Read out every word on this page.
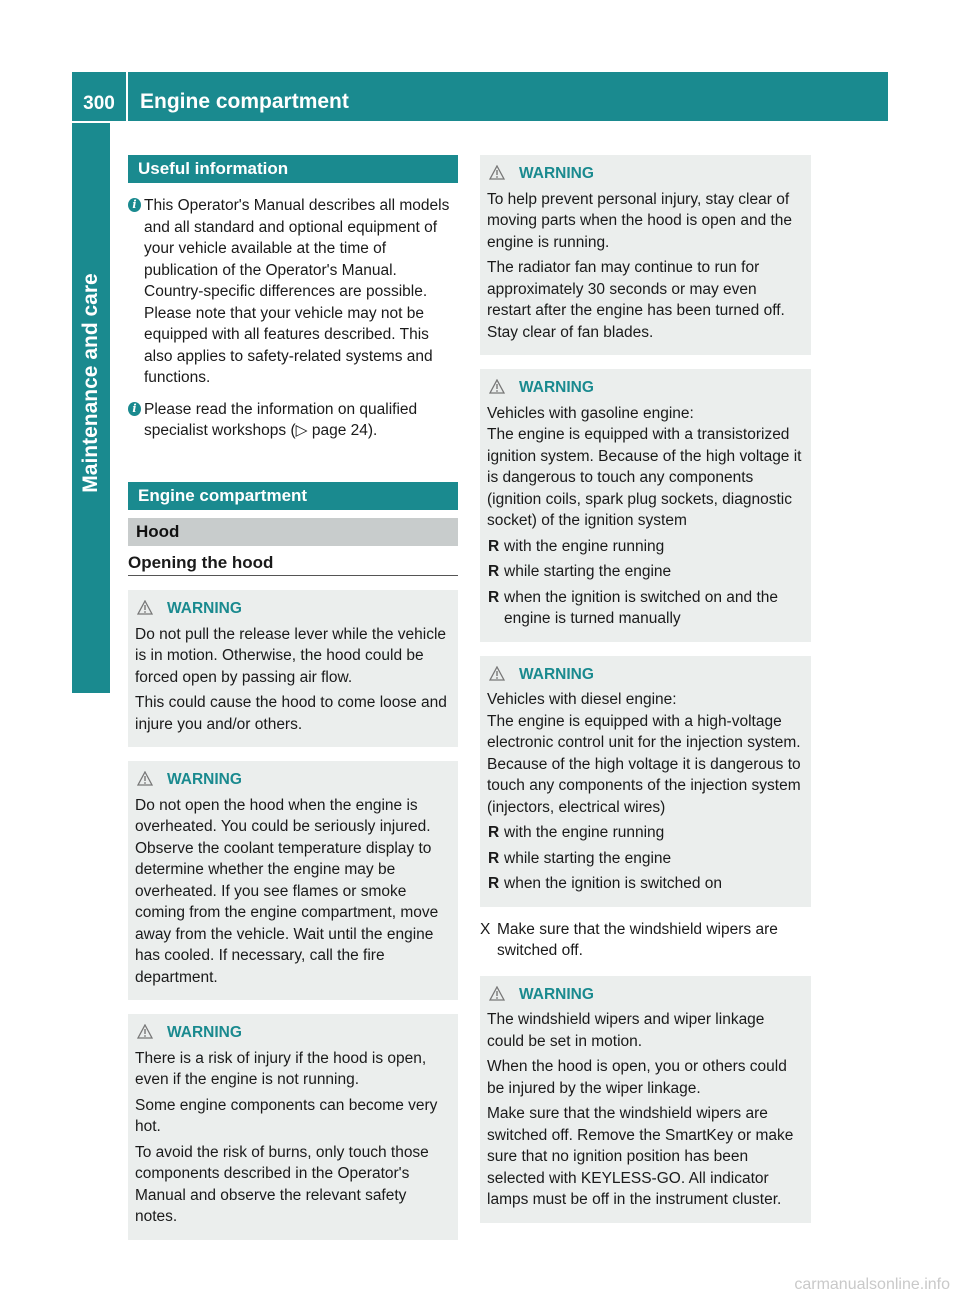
300	Engine compartment
Maintenance and care
Useful information
i This Operator's Manual describes all models and all standard and optional equipment of your vehicle available at the time of publication of the Operator's Manual. Country-specific differences are possible. Please note that your vehicle may not be equipped with all features described. This also applies to safety-related systems and functions.
i Please read the information on qualified specialist workshops (▷ page 24).
Engine compartment
Hood
Opening the hood
WARNING

Do not pull the release lever while the vehicle is in motion. Otherwise, the hood could be forced open by passing air flow.

This could cause the hood to come loose and injure you and/or others.

WARNING

Do not open the hood when the engine is overheated. You could be seriously injured. Observe the coolant temperature display to determine whether the engine may be overheated. If you see flames or smoke coming from the engine compartment, move away from the vehicle. Wait until the engine has cooled. If necessary, call the fire department.

WARNING

There is a risk of injury if the hood is open, even if the engine is not running.

Some engine components can become very hot.

To avoid the risk of burns, only touch those components described in the Operator's Manual and observe the relevant safety notes.

WARNING

To help prevent personal injury, stay clear of moving parts when the hood is open and the engine is running.

The radiator fan may continue to run for approximately 30 seconds or may even restart after the engine has been turned off. Stay clear of fan blades.

WARNING

Vehicles with gasoline engine:

The engine is equipped with a transistorized ignition system. Because of the high voltage it is dangerous to touch any components (ignition coils, spark plug sockets, diagnostic socket) of the ignition system

R with the engine running
R while starting the engine
R when the ignition is switched on and the engine is turned manually
WARNING

Vehicles with diesel engine:

The engine is equipped with a high-voltage electronic control unit for the injection system. Because of the high voltage it is dangerous to touch any components of the injection system (injectors, electrical wires)

R with the engine running
R while starting the engine
R when the ignition is switched on
X Make sure that the windshield wipers are switched off.
WARNING

The windshield wipers and wiper linkage could be set in motion.

When the hood is open, you or others could be injured by the wiper linkage.

Make sure that the windshield wipers are switched off. Remove the SmartKey or make sure that no ignition position has been selected with KEYLESS-GO. All indicator lamps must be off in the instrument cluster.

carmanualsonline.info
